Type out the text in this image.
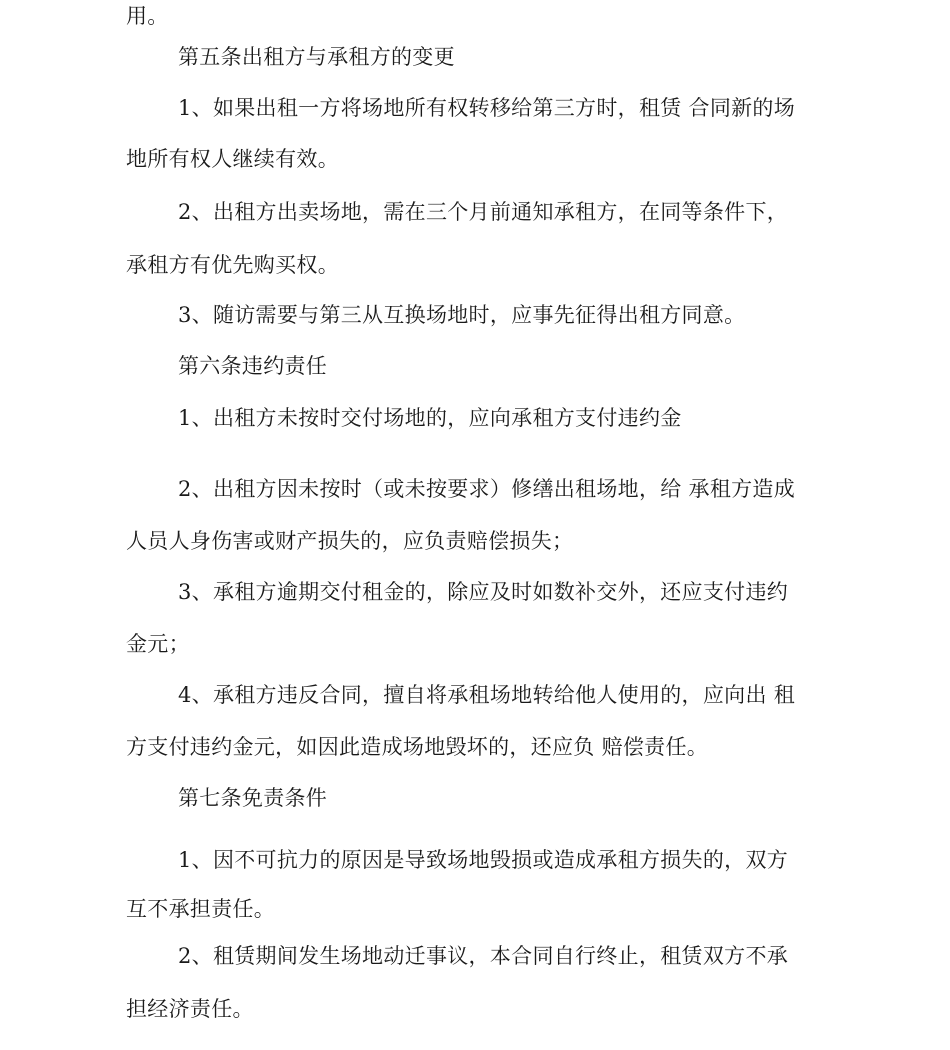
用。
第五条出租方与承租方的变更
1、如果出租一方将场地所有权转移给第三方时，租赁 合同新的场
地所有权人继续有效。
2、出租方出卖场地，需在三个月前通知承租方，在同等条件下，
承租方有优先购买权。
3、随访需要与第三从互换场地时，应事先征得出租方同意。
第六条违约责任
1、出租方未按时交付场地的，应向承租方支付违约金
2、出租方因未按时（或未按要求）修缮出租场地，给 承租方造成
人员人身伤害或财产损失的，应负责赔偿损失；
3、承租方逾期交付租金的，除应及时如数补交外，还应支付违约
金元；
4、承租方违反合同，擅自将承租场地转给他人使用的，应向出 租
方支付违约金元，如因此造成场地毁坏的，还应负 赔偿责任。
第七条免责条件
1、因不可抗力的原因是导致场地毁损或造成承租方损失的，双方
互不承担责任。
2、租赁期间发生场地动迁事议，本合同自行终止，租赁双方不承
担经济责任。
